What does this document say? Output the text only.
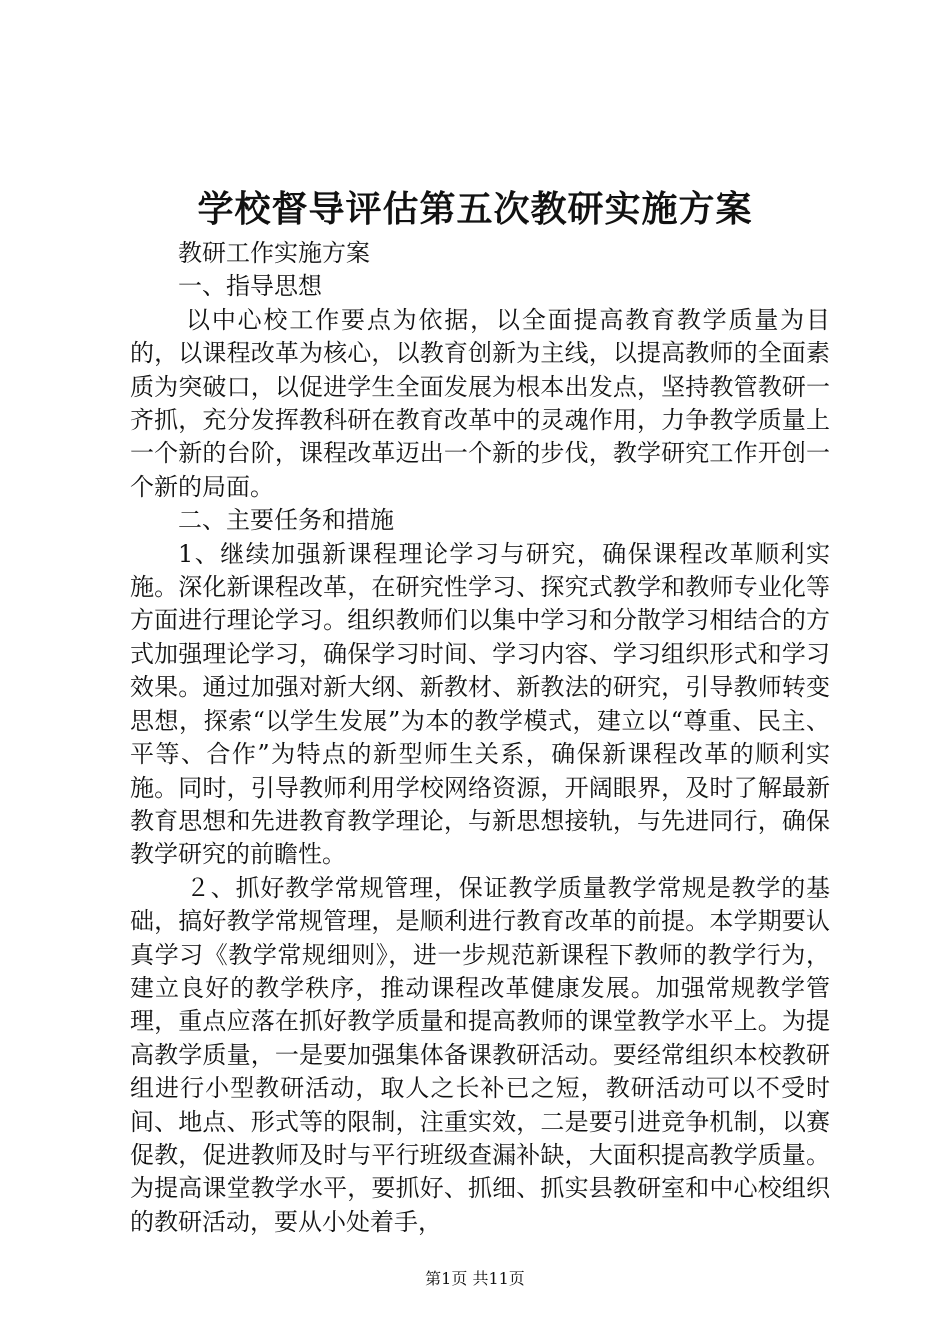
学校督导评估第五次教研实施方案

教研工作实施方案

一、指导思想

以中心校工作要点为依据，以全面提高教育教学质量为目的，以课程改革为核心，以教育创新为主线，以提高教师的全面素质为突破口，以促进学生全面发展为根本出发点，坚持教管教研一齐抓，充分发挥教科研在教育改革中的灵魂作用，力争教学质量上一个新的台阶，课程改革迈出一个新的步伐，教学研究工作开创一个新的局面。

二、主要任务和措施

1、继续加强新课程理论学习与研究，确保课程改革顺利实施。深化新课程改革，在研究性学习、探究式教学和教师专业化等方面进行理论学习。组织教师们以集中学习和分散学习相结合的方式加强理论学习，确保学习时间、学习内容、学习组织形式和学习效果。通过加强对新大纲、新教材、新教法的研究，引导教师转变思想，探索“以学生发展”为本的教学模式，建立以“尊重、民主、平等、合作”为特点的新型师生关系，确保新课程改革的顺利实施。同时，引导教师利用学校网络资源，开阔眼界，及时了解最新教育思想和先进教育教学理论，与新思想接轨，与先进同行，确保教学研究的前瞻性。

２、抓好教学常规管理，保证教学质量教学常规是教学的基础，搞好教学常规管理，是顺利进行教育改革的前提。本学期要认真学习《教学常规细则》，进一步规范新课程下教师的教学行为，建立良好的教学秩序，推动课程改革健康发展。加强常规教学管理，重点应落在抓好教学质量和提高教师的课堂教学水平上。为提高教学质量，一是要加强集体备课教研活动。要经常组织本校教研组进行小型教研活动，取人之长补已之短，教研活动可以不受时间、地点、形式等的限制，注重实效，二是要引进竞争机制，以赛促教，促进教师及时与平行班级查漏补缺，大面积提高教学质量。为提高课堂教学水平，要抓好、抓细、抓实县教研室和中心校组织的教研活动，要从小处着手，

第1页 共11页
